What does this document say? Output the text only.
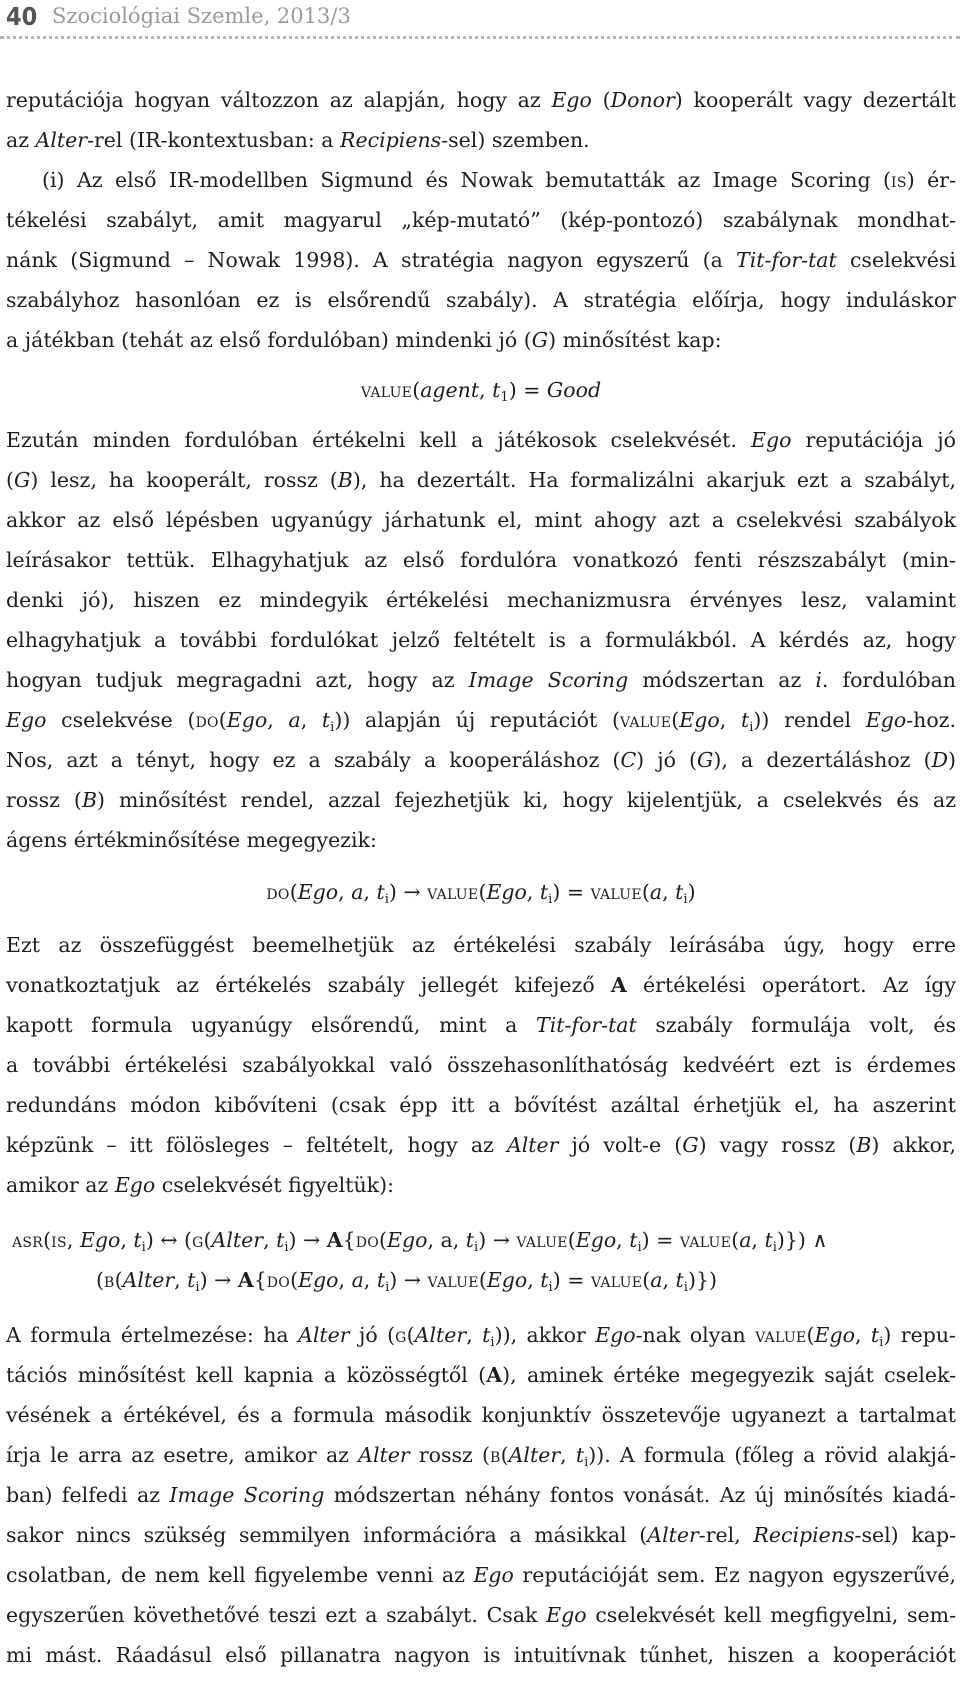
40 Szociológiai Szemle, 2013/3
reputációja hogyan változzon az alapján, hogy az Ego (Donor) kooperált vagy dezertált
az Alter-rel (IR-kontextusban: a Recipiens-sel) szemben.
(i) Az első IR-modellben Sigmund és Nowak bemutatták az Image Scoring (is) ér-
tékelési szabályt, amit magyarul „kép-mutató” (kép-pontozó) szabálynak mondhat-
nánk (Sigmund – Nowak 1998). A stratégia nagyon egyszerű (a Tit-for-tat cselekvési
szabályhoz hasonlóan ez is elsőrendű szabály). A stratégia előírja, hogy induláskor
a játékban (tehát az első fordulóban) mindenki jó (G) minősítést kap:
value(agent, $t_1$) = Good
Ezután minden fordulóban értékelni kell a játékosok cselekvését. Ego reputációja jó
(G) lesz, ha kooperált, rossz (B), ha dezertált. Ha formalizálni akarjuk ezt a szabályt,
akkor az első lépésben ugyanúgy járhatunk el, mint ahogy azt a cselekvési szabályok
leírásakor tettük. Elhagyhatjuk az első fordulóra vonatkozó fenti részszabályt (min-
denki jó), hiszen ez mindegyik értékelési mechanizmusra érvényes lesz, valamint
elhagyhatjuk a további fordulókat jelző feltételt is a formulákból. A kérdés az, hogy
hogyan tudjuk megragadni azt, hogy az Image Scoring módszertan az i. fordulóban
Ego cselekvése (do(Ego, a, $t_i$)) alapján új reputációt (value(Ego, $t_i$)) rendel Ego-hoz.
Nos, azt a tényt, hogy ez a szabály a kooperáláshoz (C) jó (G), a dezertáláshoz (D)
rossz (B) minősítést rendel, azzal fejezhetjük ki, hogy kijelentjük, a cselekvés és az
ágens értékminősítése megegyezik:
do(Ego, a, $t_i$) → value(Ego, $t_i$) = value(a, $t_i$)
Ezt az összefüggést beemelhetjük az értékelési szabály leírásába úgy, hogy erre
vonatkoztatjuk az értékelés szabály jellegét kifejező A értékelési operátort. Az így
kapott formula ugyanúgy elsőrendű, mint a Tit-for-tat szabály formulája volt, és
a további értékelési szabályokkal való összehasonlíthatóság kedvéért ezt is érdemes
redundáns módon kibővíteni (csak épp itt a bővítést azáltal érhetjük el, ha aszerint
képzünk – itt fölösleges – feltételt, hogy az Alter jó volt-e (G) vagy rossz (B) akkor,
amikor az Ego cselekvését figyeltük):
asr(is, Ego, $t_i$) ↔ (g(Alter, $t_i) \to A\{do(Ego$, a, $t_i$) → value(Ego, $t_i$) = value(a, $t_i$)}) ∧
(b(Alter, $t_i) \to A\{do(Ego$, a, $t_i$) → value(Ego, $t_i$) = value(a, $t_i$)})
A formula értelmezése: ha Alter jó (g(Alter, $t_i$)), akkor Ego-nak olyan value(Ego, $t_i$) repu-
tációs minősítést kell kapnia a közösségtől (A), aminek értéke megegyezik saját cselek-
vésének a értékével, és a formula második konjunktív összetevője ugyanezt a tartalmat
írja le arra az esetre, amikor az Alter rossz (b(Alter, $t_i$)). A formula (főleg a rövid alakjá-
ban) felfedi az Image Scoring módszertan néhány fontos vonását. Az új minősítés kiadá-
sakor nincs szükség semmilyen információra a másikkal (Alter-rel, Recipiens-sel) kap-
csolatban, de nem kell figyelembe venni az Ego reputációját sem. Ez nagyon egyszerűvé,
egyszerűen követhetővé teszi ezt a szabályt. Csak Ego cselekvését kell megfigyelni, sem-
mi mást. Ráadásul első pillanatra nagyon is intuitívnak tűnhet, hiszen a kooperációt
